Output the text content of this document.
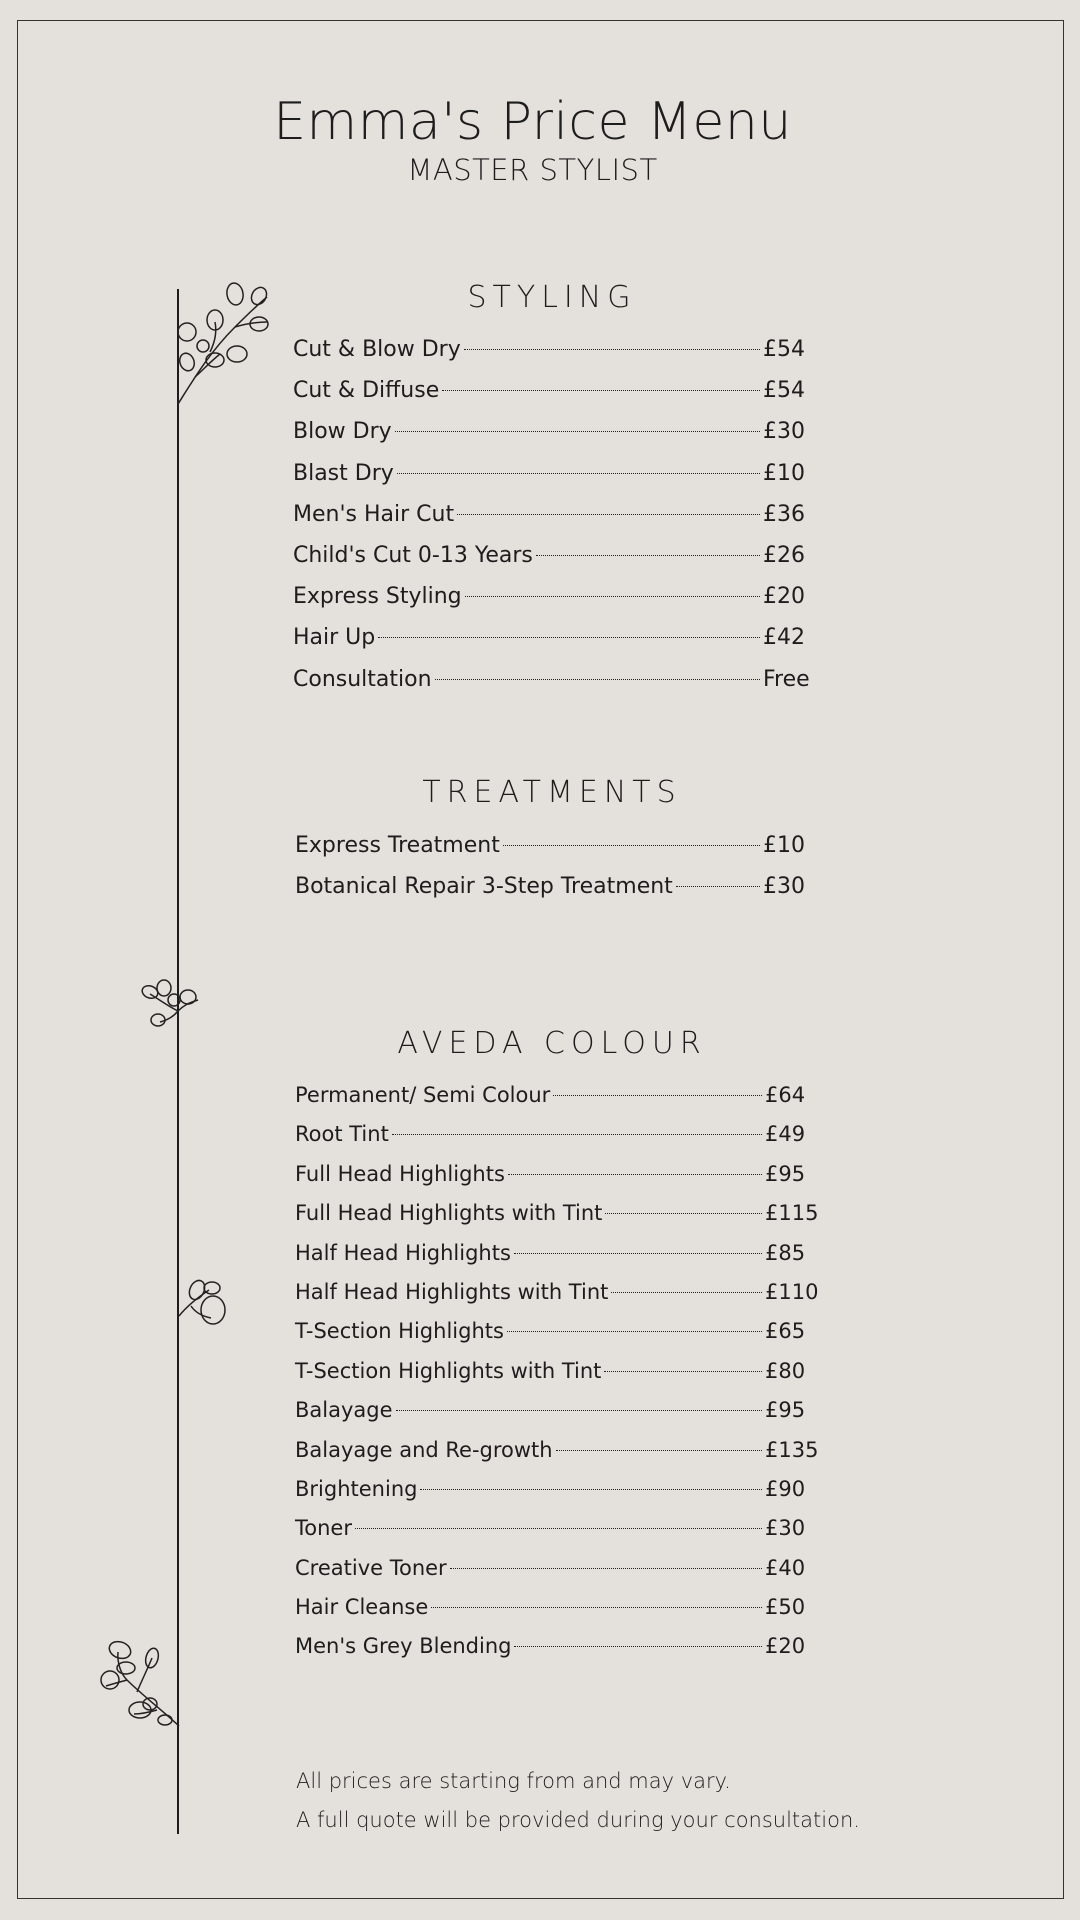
Emma's Price Menu
MASTER STYLIST
STYLING
Cut & Blow Dry	£54
Cut & Diffuse	£54
Blow Dry	£30
Blast Dry	£10
Men's Hair Cut	£36
Child's Cut 0-13 Years	£26
Express Styling	£20
Hair Up	£42
Consultation	Free
TREATMENTS
Express Treatment	£10
Botanical Repair 3-Step Treatment	£30
AVEDA COLOUR
Permanent/ Semi Colour	£64
Root Tint	£49
Full Head Highlights	£95
Full Head Highlights with Tint	£115
Half Head Highlights	£85
Half Head Highlights with Tint	£110
T-Section Highlights	£65
T-Section Highlights with Tint	£80
Balayage	£95
Balayage and Re-growth	£135
Brightening	£90
Toner	£30
Creative Toner	£40
Hair Cleanse	£50
Men's Grey Blending	£20
All prices are starting from and may vary.
A full quote will be provided during your consultation.
